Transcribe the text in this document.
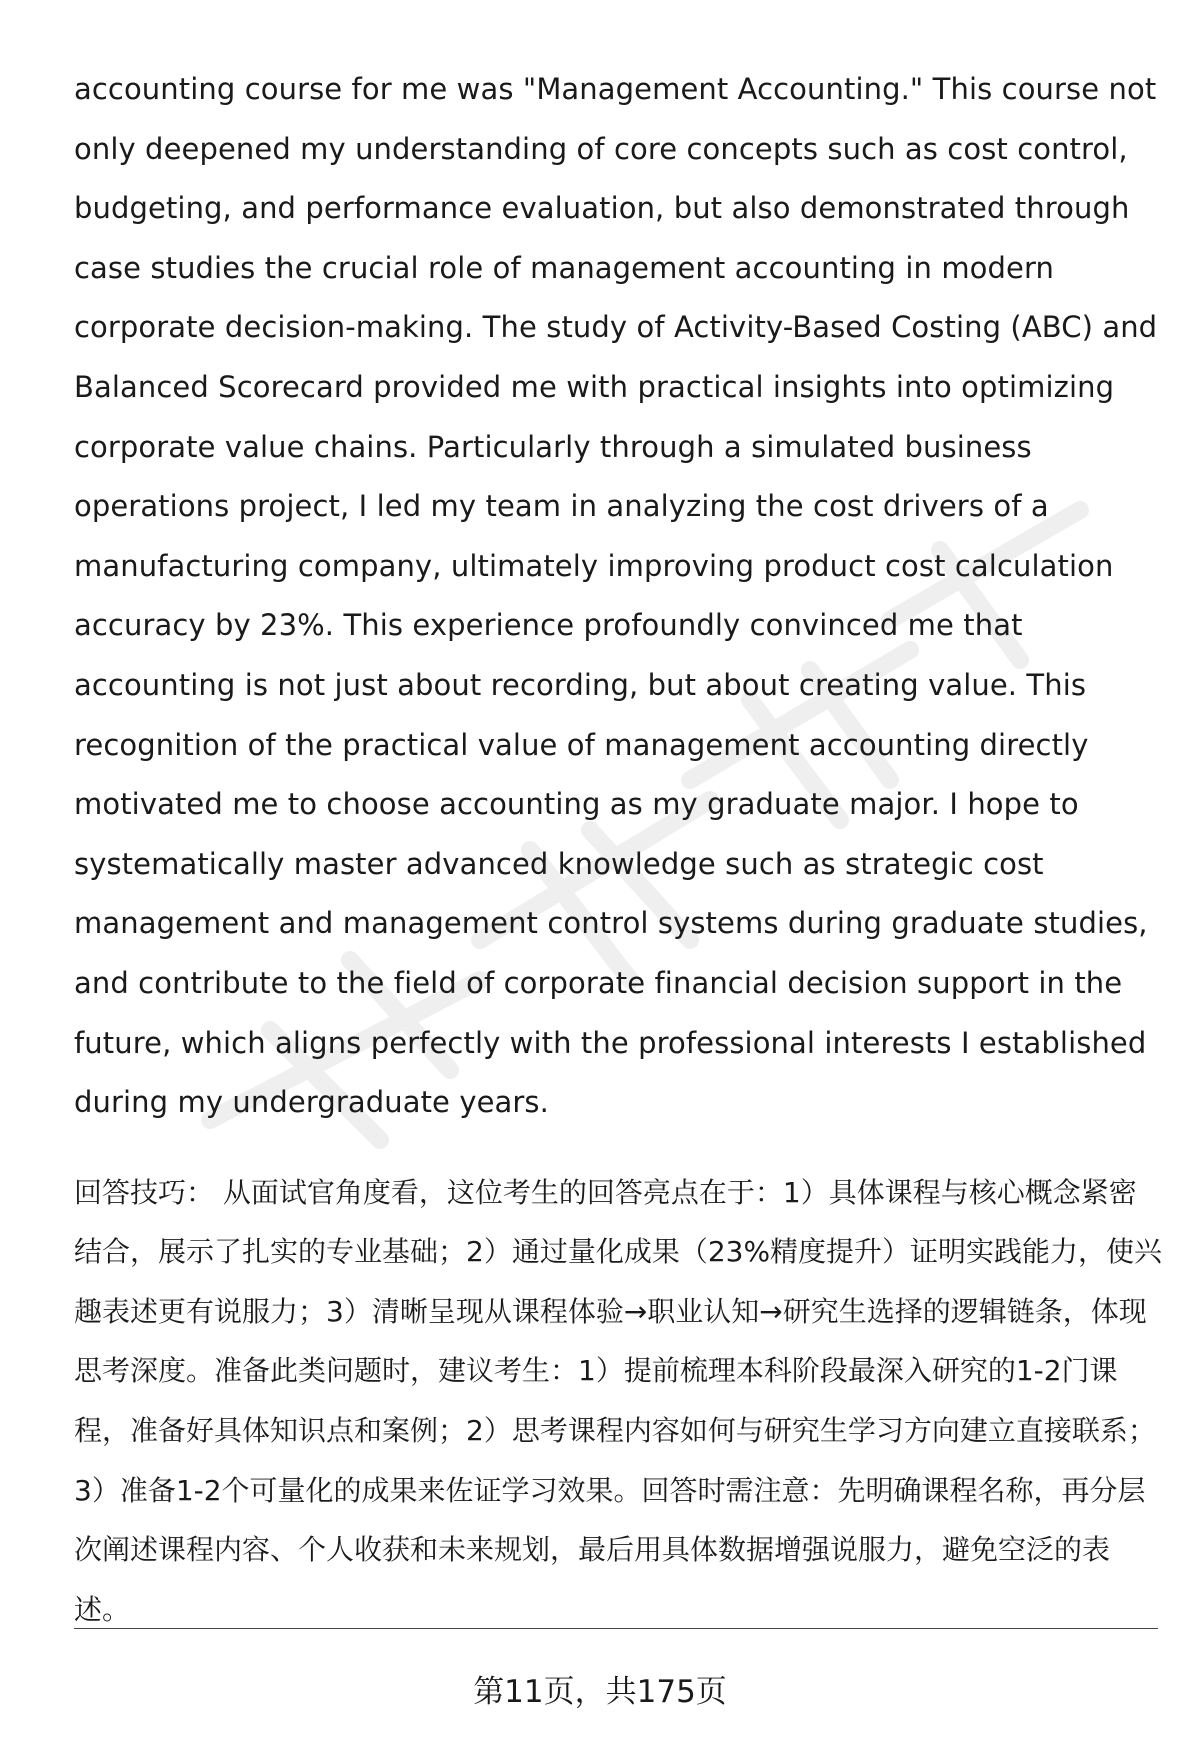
accounting course for me was "Management Accounting." This course not only deepened my understanding of core concepts such as cost control, budgeting, and performance evaluation, but also demonstrated through case studies the crucial role of management accounting in modern corporate decision-making. The study of Activity-Based Costing (ABC) and Balanced Scorecard provided me with practical insights into optimizing corporate value chains. Particularly through a simulated business operations project, I led my team in analyzing the cost drivers of a manufacturing company, ultimately improving product cost calculation accuracy by 23%. This experience profoundly convinced me that accounting is not just about recording, but about creating value. This recognition of the practical value of management accounting directly motivated me to choose accounting as my graduate major. I hope to systematically master advanced knowledge such as strategic cost management and management control systems during graduate studies, and contribute to the field of corporate financial decision support in the future, which aligns perfectly with the professional interests I established during my undergraduate years.

回答技巧： 从面试官角度看，这位考生的回答亮点在于：1）具体课程与核心概念紧密结合，展示了扎实的专业基础；2）通过量化成果（23%精度提升）证明实践能力，使兴趣表述更有说服力；3）清晰呈现从课程体验→职业认知→研究生选择的逻辑链条，体现思考深度。准备此类问题时，建议考生：1）提前梳理本科阶段最深入研究的1-2门课程，准备好具体知识点和案例；2）思考课程内容如何与研究生学习方向建立直接联系；3）准备1-2个可量化的成果来佐证学习效果。回答时需注意：先明确课程名称，再分层次阐述课程内容、个人收获和未来规划，最后用具体数据增强说服力，避免空泛的表述。

第11页，共175页
